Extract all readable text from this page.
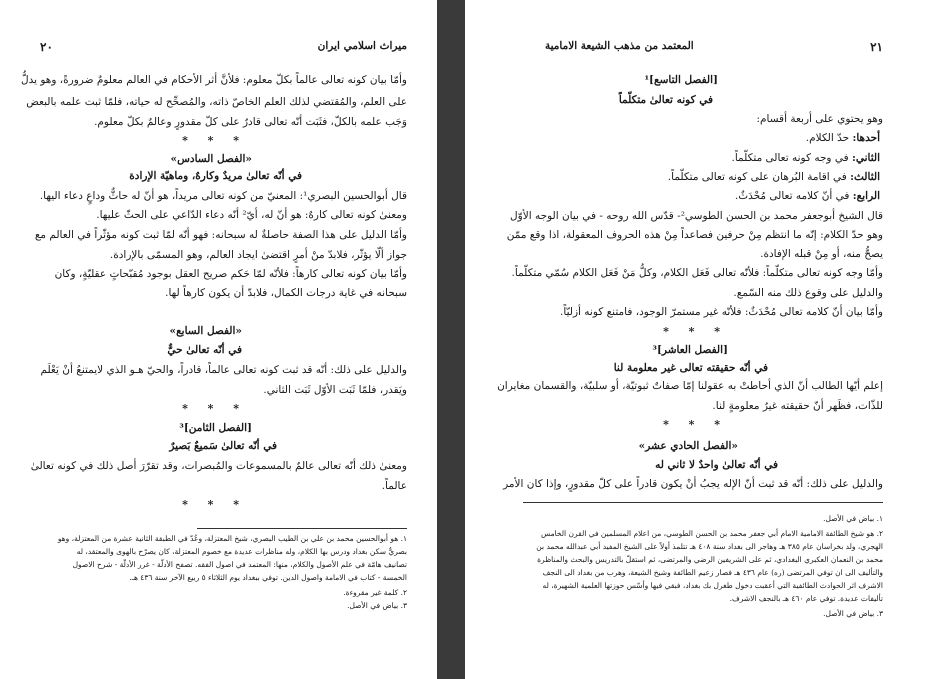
ميراث اسلامي ايران
٢٠
وأمّا بيان كونه تعالى عالماً بكلّ معلوم: فلأنَّ أثر الأحكام في العالم معلومٌ ضرورةً، وهو يدلُّ
على العلم، والمُقتضي لذلك العلم الخاصّ ذاته، والمُصحِّح له حياته، فلمّا ثبت علمه بالبعض
وَجَب علمه بالكلّ، فثَبَت أنّه تعالى قادرٌ على كلّ مقدورٍ وعالمٌ بكلّ معلوم.
* * *
«الفصل السادس»
في أنّه تعالىٰ مريدٌ وكارهٌ، وماهيّة الإرادة
قال أبوالحسين البصري¹: المعنيّ من كونه تعالى مريداً، هو أنّ له حاثٌّ وداعٍ دعاء اليها.
ومعنىٰ كونه تعالى كارهٌ: هو أنّ له، أيّ² أنّه دعاء الدّاعي على الحثّ عليها.
وأمّا الدليل على هذا الصفة حاصلةٌ له سبحانه: فهو أنّه لمّا ثبت كونه مؤثّراً في العالم مع
جواز ألّا يؤثّر، فلابدّ منْ أمرٍ اقتضىٰ ايجاد العالم، وهو المسمّى بالإرادة.
وأمّا بيان كونه تعالى كارهاً: فلأنّه لمّا حَكم صريح العقل بوجود مُقبّحاتٍ عقليّةٍ، وكان
سبحانه في غاية درجات الكمال، فلابدّ أن يكون كارهاً لها.
«الفصل السابع»
في أنّه تعالىٰ حيٌّ
والدليل على ذلك: أنّه قد ثبت كونه تعالى عالماً، قادراً، والحيّ هـو الذي لايمتنعُ أنْ يَعْلَم
ويَقدر، فلمّا ثَبَت الأوّل ثَبَت الثاني.
* * *
[الفصل الثامن]³
في أنّه تعالىٰ سَميعٌ بَصيرٌ
ومعنىٰ ذلك أنّه تعالى عالمٌ بالمسموعات والمُبصرات، وقد تقرّرَ أصل ذلك في كونه تعالىٰ
عالماً.
* * *
١. هو أبوالحسين محمد بن علي بن الطيب البصري، شيخ المعتزلة، وعُدّ في الطبقة الثانية عشرة من المعتزلة، وهو
بصريٌّ سكن بغداد ودرس بها الكلام، وله مناظرات عديدة مع خصوم المعتزلة، كان يصرّح بالهوى والمعتقد، له
تصانيف هامّة في علم الأصول والكلام، منها: المعتمد في اصول الفقه. تصفح الأدلّة - غرر الأدلّة - شرح الاصول
الخمسة - كتاب في الامامة واصول الدين. توفي ببغداد يوم الثلاثاء ٥ ربيع الآخر سنة ٤٣٦ هـ.
٢. كلمة غير مقروءة.
٣. بياض في الأصل.
٢١
المعتمد من مذهب الشيعة الامامية
[الفصل التاسع]¹
في كونه تعالىٰ متكلّماً
وهو يحتوي على أربعة أقسام:
أحدها: حدّ الكلام.
الثاني: في وجه كونه تعالى متكلّماً.
الثالث: في اقامة البُرهان على كونه تعالى متكلّماً.
الرابع: في أنّ كلامه تعالى مُحْدَثٌ.
قال الشيخ أبوجعفر محمد بن الحسن الطوسي²- قدّس الله روحه - في بيان الوجه الأوّل
وهو حدّ الكلام: إنّه ما انتظم مِنْ حرفين فصاعداً مِنْ هذه الحروف المعقولة، اذا وقع ممّن
يصحُّ منه، أو مِنْ قبله الإفادة.
وأمّا وجه كونه تعالى متكلّماً: فلأنّه تعالى فَعَل الكلام، وكلُّ مَنْ فَعَل الكلام سُمّي متكلّماً.
والدليل على وقوع ذلك منه السّمع.
وأمّا بيان أنّ كلامه تعالى مُحْدَثٌ: فلأنّه غير مستمرّ الوجود، فامتنع كونه أزليّاً.
* * *
[الفصل العاشر]³
في أنّه حقيقته تعالى غير معلومة لنا
إعلم أيّها الطالب أنّ الذي أحاطتْ به عقولنا إمّا صفاتٌ ثبوتيّة، أو سلبيّة، والقسمان مغايران
للذّات، فظَهر أنّ حقيقته غيرُ معلومةٍ لنا.
* * *
«الفصل الحادي عشر»
في أنّه تعالىٰ واحدٌ لا ثاني له
والدليل على ذلك: أنّه قد ثبت أنّ الإله يجبُ أنْ يكون قادراً على كلّ مقدورٍ، وإذا كان الأمر
١. بياض في الأصل.
٢. هو شيخ الطائفة الامامية الامام أبي جعفر محمد بن الحسن الطوسي، من اعلام المسلمين في القرن الخامس
الهجري، ولد بخراسان عام ٣٨٥ هـ وهاجر الى بغداد سنة ٤٠٨ هـ تتلمذ أولاً على الشيخ المفيد أبي عبدالله محمد بن
محمد بن النعمان العكبري البغدادي، ثم على الشريفين الرضي والمرتضى، ثم استقلّ بالتدريس والبحث والمناظرة
والتأليف الى ان توفي المرتضى (ره) عام ٤٣٦ هـ فصار زعيم الطائفة وشيخ الشيعة، وهرب من بغداد الى النجف
الاشرف اثر الحوادث الطائفية التي أعقبت دخول طغرل بك بغداد، فبقي فيها وأسّس حوزتها العلمية الشهيرة، له
تأليفات عديدة. توفي عام ٤٦٠ هـ بالنجف الاشرف.
٣. بياض في الأصل.
